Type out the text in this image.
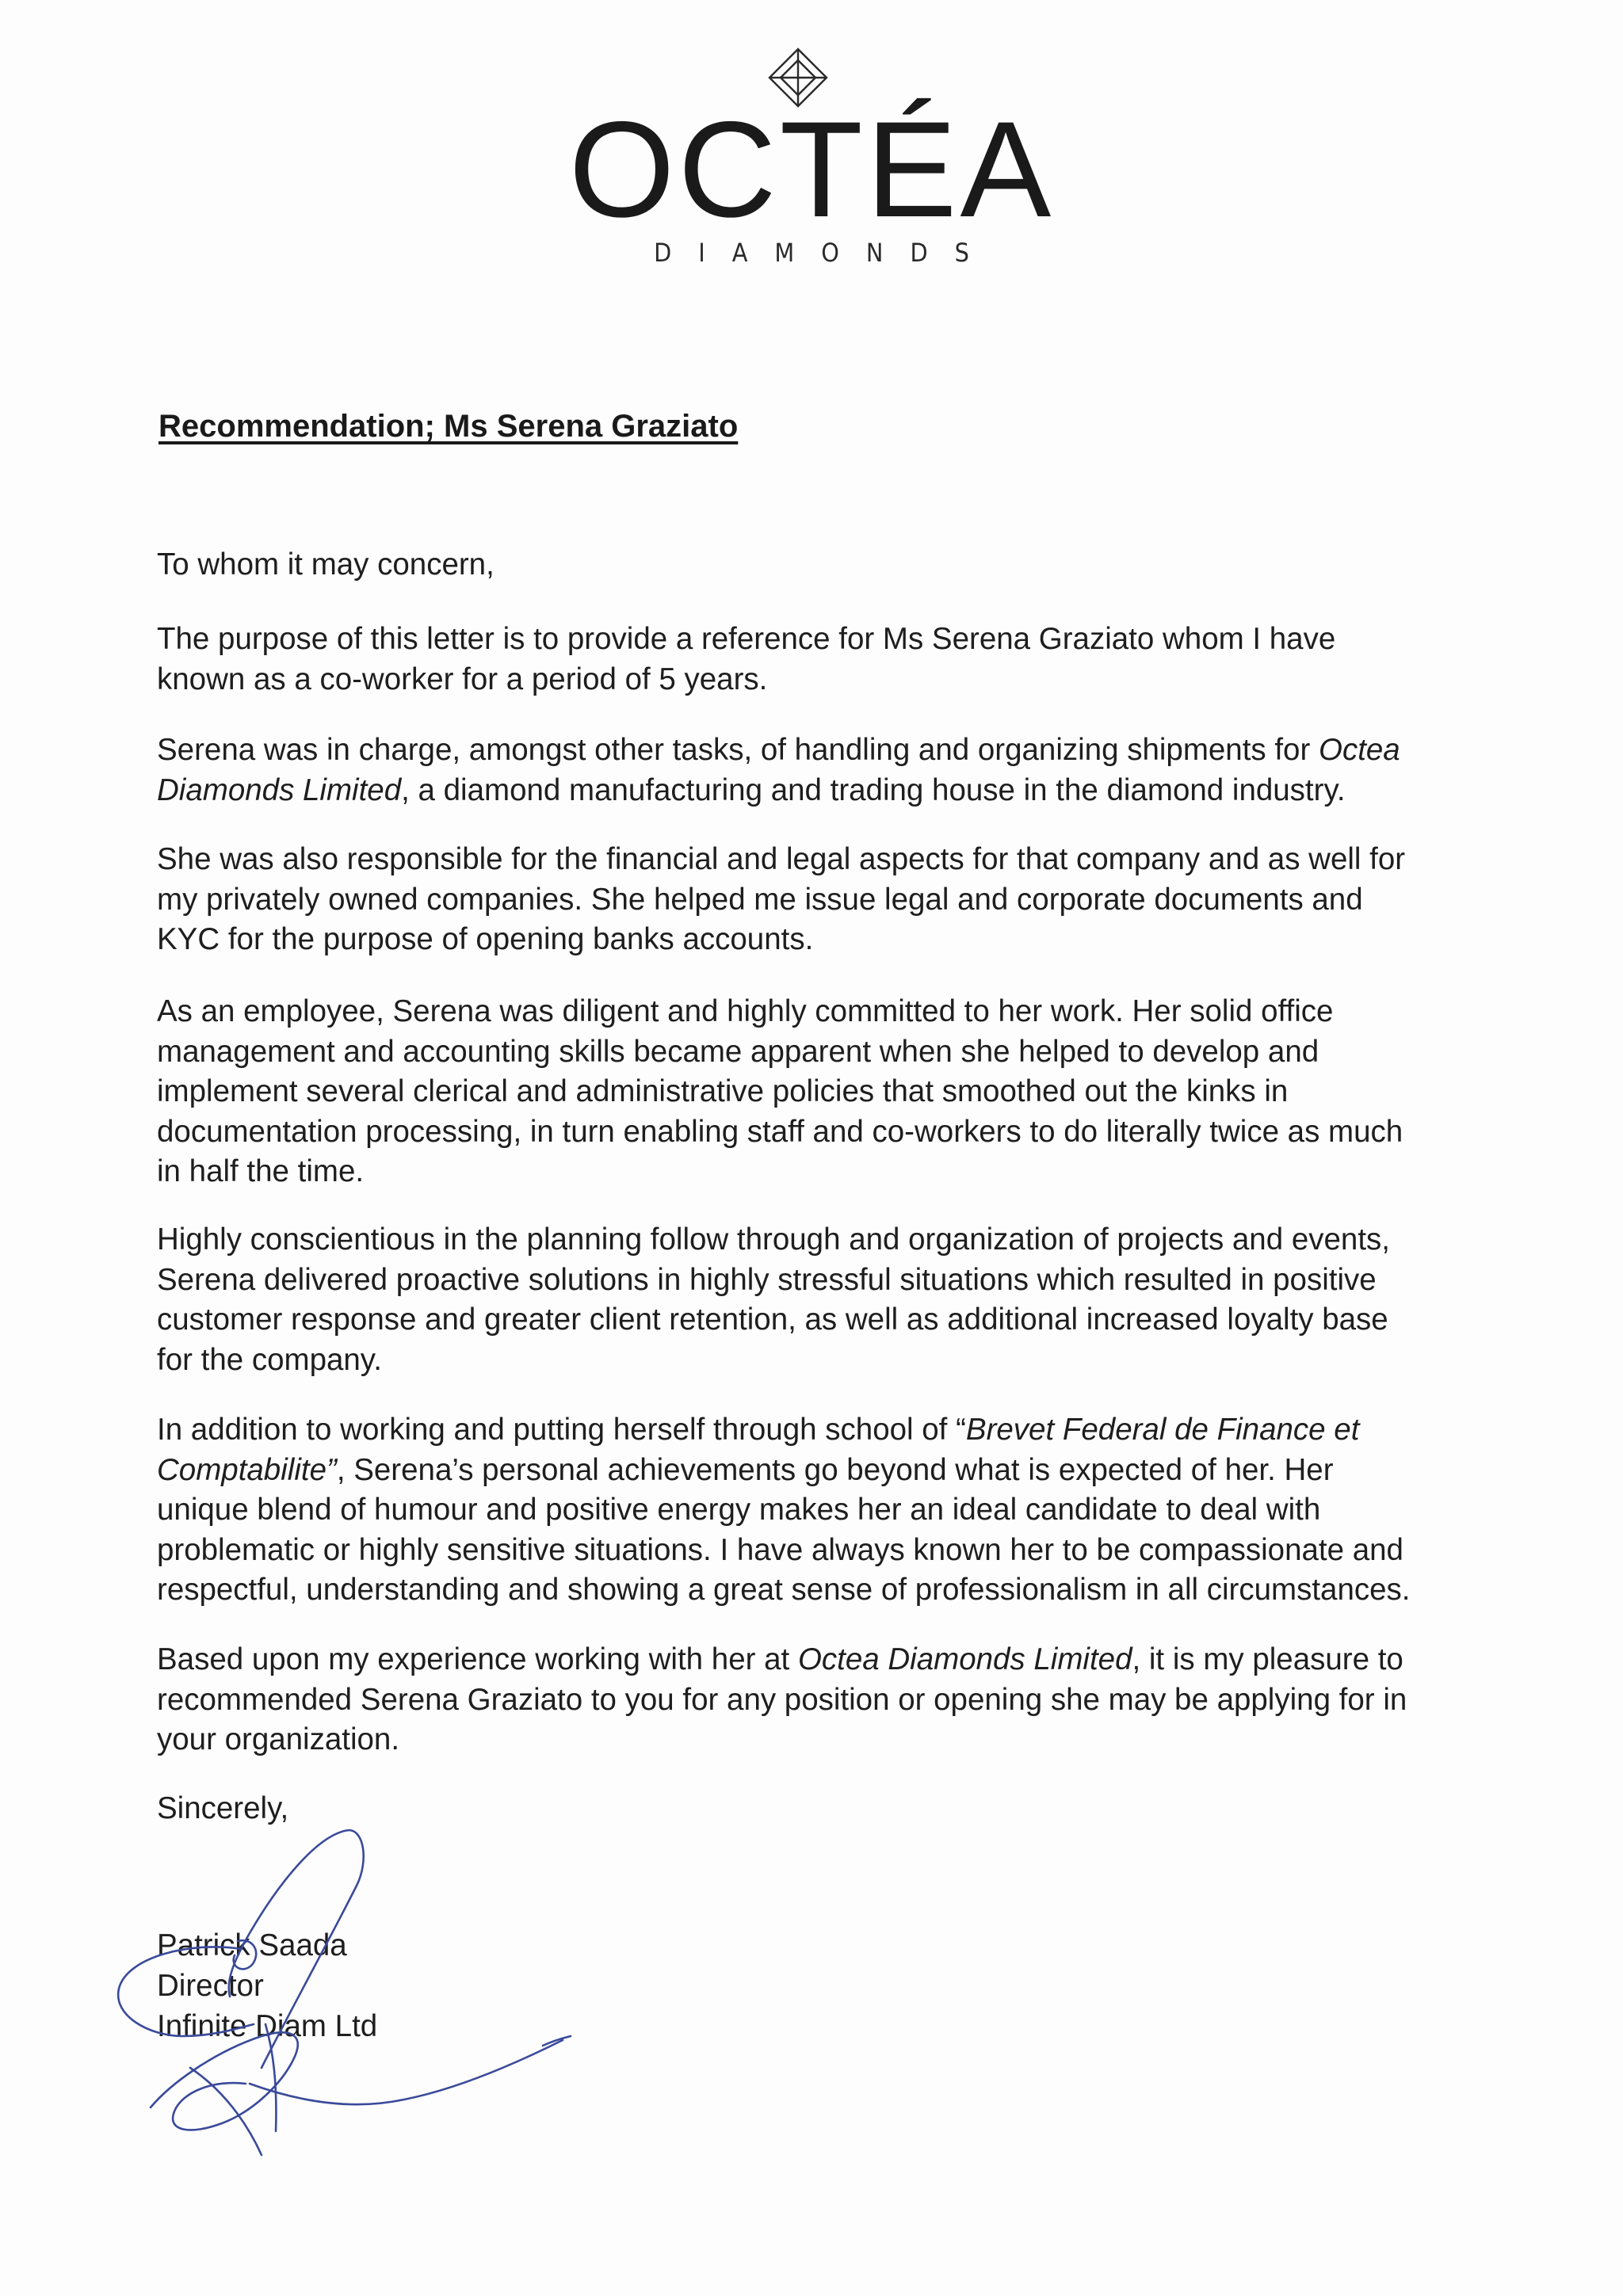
OCTÉA
DIAMONDS
Recommendation; Ms Serena Graziato

To whom it may concern,

The purpose of this letter is to provide a reference for Ms Serena Graziato whom I have
known as a co-worker for a period of 5 years.

Serena was in charge, amongst other tasks, of handling and organizing shipments for Octea
Diamonds Limited, a diamond manufacturing and trading house in the diamond industry.

She was also responsible for the financial and legal aspects for that company and as well for
my privately owned companies. She helped me issue legal and corporate documents and
KYC for the purpose of opening banks accounts.

As an employee, Serena was diligent and highly committed to her work. Her solid office
management and accounting skills became apparent when she helped to develop and
implement several clerical and administrative policies that smoothed out the kinks in
documentation processing, in turn enabling staff and co-workers to do literally twice as much
in half the time.

Highly conscientious in the planning follow through and organization of projects and events,
Serena delivered proactive solutions in highly stressful situations which resulted in positive
customer response and greater client retention, as well as additional increased loyalty base
for the company.

In addition to working and putting herself through school of “Brevet Federal de Finance et
Comptabilite”, Serena’s personal achievements go beyond what is expected of her. Her
unique blend of humour and positive energy makes her an ideal candidate to deal with
problematic or highly sensitive situations. I have always known her to be compassionate and
respectful, understanding and showing a great sense of professionalism in all circumstances.

Based upon my experience working with her at Octea Diamonds Limited, it is my pleasure to
recommended Serena Graziato to you for any position or opening she may be applying for in
your organization.

Sincerely,

Patrick Saada
Director
Infinite Diam Ltd
